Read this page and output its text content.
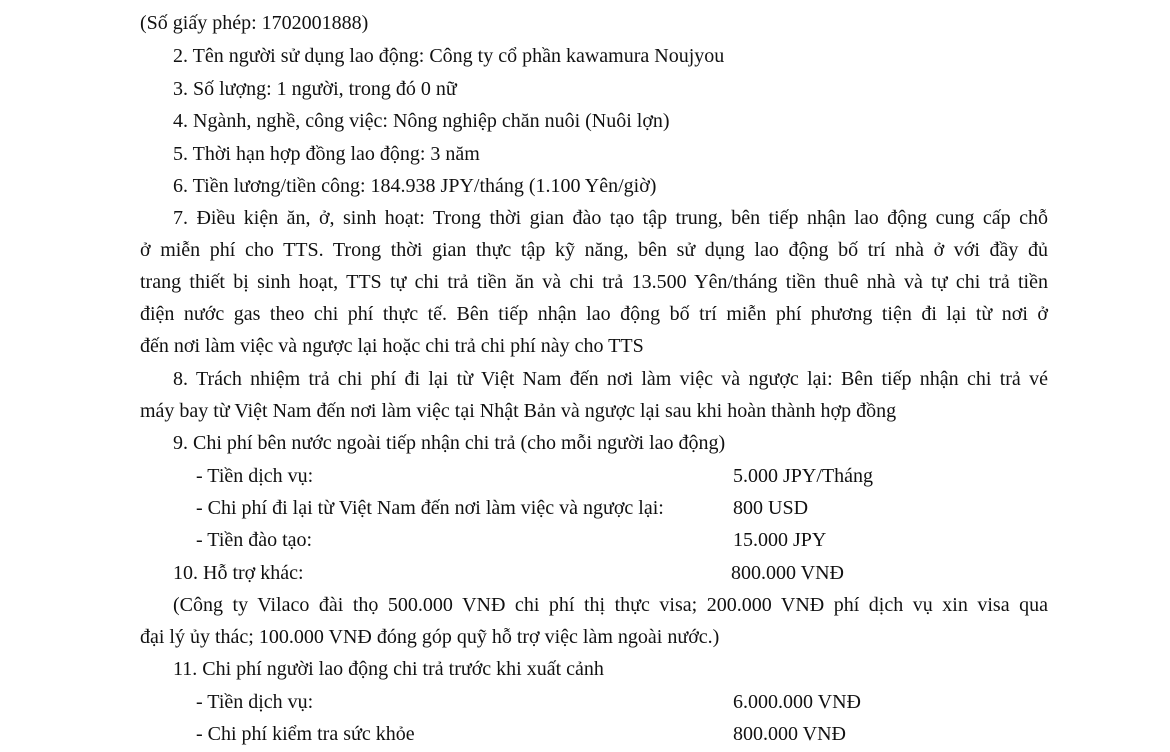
(Số giấy phép: 1702001888)
2. Tên người sử dụng lao động: Công ty cổ phần kawamura Noujyou
3. Số lượng: 1 người, trong đó 0 nữ
4. Ngành, nghề, công việc: Nông nghiệp chăn nuôi (Nuôi lợn)
5. Thời hạn hợp đồng lao động: 3 năm
6. Tiền lương/tiền công: 184.938 JPY/tháng (1.100 Yên/giờ)
7. Điều kiện ăn, ở, sinh hoạt: Trong thời gian đào tạo tập trung, bên tiếp nhận lao động cung cấp chỗ
ở miễn phí cho TTS. Trong thời gian thực tập kỹ năng, bên sử dụng lao động bố trí nhà ở với đầy đủ
trang thiết bị sinh hoạt, TTS tự chi trả tiền ăn và chi trả 13.500 Yên/tháng tiền thuê nhà và tự chi trả tiền
điện nước gas theo chi phí thực tế. Bên tiếp nhận lao động bố trí miễn phí phương tiện đi lại từ nơi ở
đến nơi làm việc và ngược lại hoặc chi trả chi phí này cho TTS
8. Trách nhiệm trả chi phí đi lại từ Việt Nam đến nơi làm việc và ngược lại: Bên tiếp nhận chi trả vé
máy bay từ Việt Nam đến nơi làm việc tại Nhật Bản và ngược lại sau khi hoàn thành hợp đồng
9. Chi phí bên nước ngoài tiếp nhận chi trả (cho mỗi người lao động)
- Tiền dịch vụ:	5.000 JPY/Tháng
- Chi phí đi lại từ Việt Nam đến nơi làm việc và ngược lại:	800 USD
- Tiền đào tạo:	15.000 JPY
10. Hỗ trợ khác:	800.000 VNĐ
(Công ty Vilaco đài thọ 500.000 VNĐ chi phí thị thực visa; 200.000 VNĐ phí dịch vụ xin visa qua
đại lý ủy thác; 100.000 VNĐ đóng góp quỹ hỗ trợ việc làm ngoài nước.)
11. Chi phí người lao động chi trả trước khi xuất cảnh
- Tiền dịch vụ:	6.000.000 VNĐ
- Chi phí kiểm tra sức khỏe	800.000 VNĐ
